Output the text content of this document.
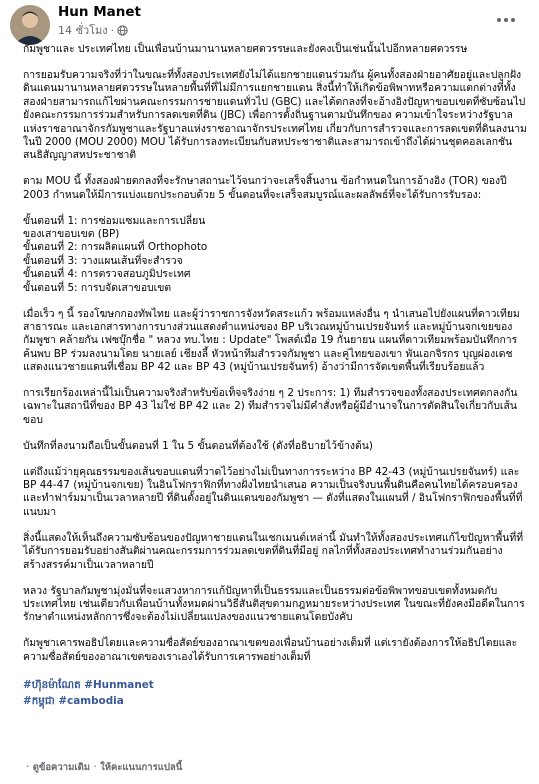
Hun Manet
14 ชั่วโมง ·

กัมพูชาและ ประเทศไทย เป็นเพื่อนบ้านมานานหลายศตวรรษและยังคงเป็นเช่นนั้นไปอีกหลายศตวรรษ

การยอมรับความจริงที่ว่าในขณะที่ทั้งสองประเทศยังไม่ได้แยกชายแดนร่วมกัน ผู้คนทั้งสองฝ่ายอาศัยอยู่และปลูกฝังดินแดนมานานหลายศตวรรษในหลายพื้นที่ที่ไม่มีการแยกชายแดน สิ่งนี้ทำให้เกิดข้อพิพาทหรือความแตกต่างที่ทั้งสองฝ่ายสามารถแก้ไขผ่านคณะกรรมการชายแดนทั่วไป (GBC) และได้ตกลงที่จะอ้างอิงปัญหาขอบเขตที่ซับซ้อนไปยังคณะกรรมการร่วมสำหรับการลดเขตที่ดิน (JBC) เพื่อการตั้งถิ่นฐานตามบันทึกของ ความเข้าใจระหว่างรัฐบาลแห่งราชอาณาจักรกัมพูชาและรัฐบาลแห่งราชอาณาจักรประเทศไทย เกี่ยวกับการสำรวจและการลดเขตที่ดินลงนามในปี 2000 (MOU 2000) MOU ได้รับการลงทะเบียนกับสหประชาชาติและสามารถเข้าถึงได้ผ่านชุดคอลเลกชันสนธิสัญญาสหประชาชาติ

ตาม MOU นี้ ทั้งสองฝ่ายตกลงที่จะรักษาสถานะไว้จนกว่าจะเสร็จสิ้นงาน ข้อกำหนดในการอ้างอิง (TOR) ของปี 2003 กำหนดให้มีการแบ่งแยกประกอบด้วย 5 ขั้นตอนที่จะเสร็จสมบูรณ์และผลลัพธ์ที่จะได้รับการรับรอง:

ขั้นตอนที่ 1: การซ่อมแซมและการเปลี่ยน
ของเสาขอบเขต (BP)
ขั้นตอนที่ 2: การผลิตแผนที่ Orthophoto
ขั้นตอนที่ 3: วางแผนเส้นที่จะสำรวจ
ขั้นตอนที่ 4: การตรวจสอบภูมิประเทศ
ขั้นตอนที่ 5: การบจัดเสาขอบเขต

เมื่อเร็ว ๆ นี้ รองโฆษกกองทัพไทย และผู้ว่าราชการจังหวัดสระแก้ว พร้อมแหล่งอื่น ๆ นำเสนอไปยังแผนที่ดาวเทียมสาธารณะ และเอกสารทางการบางส่วนแสดงตำแหน่งของ BP บริเวณหมู่บ้านเปรยจันทร์ และหมู่บ้านจกเขยของกัมพูชา คล้ายกัน เฟซบุ๊กชื่อ " หลวง ทบ.ไทย : Update" โพสต์เมื่อ 19 กันยายน แผนที่ดาวเทียมพร้อมบันทึกการค้นพบ BP ร่วมลงนามโดย นายเลย์ เชียงลี้ หัวหน้าทีมสำรวจกัมพูชา และคู่ไทยของเขา พันเอกจิรกร บุญผ่องเดช แสดงแนวชายแดนที่เชื่อม BP 42 และ BP 43 (หมู่บ้านเปรยจันทร์) อ้างว่ามีการจัดเขตพื้นที่เรียบร้อยแล้ว

การเรียกร้องเหล่านี้ไม่เป็นความจริงสำหรับข้อเท็จจริงง่าย ๆ 2 ประการ: 1) ทีมสำรวจของทั้งสองประเทศตกลงกันเฉพาะในสถานีที่ของ BP 43 ไม่ใช่ BP 42 และ 2) ทีมสำรวจไม่มีคำสั่งหรือผู้มีอำนาจในการตัดสินใจเกี่ยวกับเส้นขอบ

บันทึกที่ลงนามถือเป็นขั้นตอนที่ 1 ใน 5 ขั้นตอนที่ต้องใช้ (ดังที่อธิบายไว้ข้างต้น)

แต่ถึงแม้ว่ายุคุณธรรมของเส้นขอบแดนที่วาดไว้อย่างไม่เป็นทางการระหว่าง BP 42-43 (หมู่บ้านเปรยจันทร์) และ BP 44-47 (หมู่บ้านจกเขย) ในอินโฟกราฟิกที่ทางฝั่งไทยนำเสนอ ความเป็นจริงบนพื้นดินคือคนไทยได้ครอบครองและทำฟาร์มมาเป็นเวลาหลายปี ที่ดินตั้งอยู่ในดินแดนของกัมพูชา — ดังที่แสดงในแผนที่ / อินโฟกราฟิกของพื้นที่ที่แนบมา

สิ่งนี้แสดงให้เห็นถึงความซับซ้อนของปัญหาชายแดนในเชกเมนต์เหล่านี้ มันทำให้ทั้งสองประเทศแก้ไขปัญหาพื้นที่ที่ได้รับการยอมรับอย่างสันติผ่านคณะกรรมการร่วมลดเขตที่ดินที่มีอยู่ กลไกที่ทั้งสองประเทศทำงานร่วมกันอย่างสร้างสรรค์มาเป็นเวลาหลายปี

หลวง รัฐบาลกัมพูชามุ่งมั่นที่จะแสวงหาการแก้ปัญหาที่เป็นธรรมและเป็นธรรมต่อข้อพิพาทขอบเขตทั้งหมดกับ ประเทศไทย เช่นเดียวกับเพื่อนบ้านทั้งหมดผ่านวิธีสันติสุขตามกฎหมายระหว่างประเทศ ในขณะที่ยังคงมีอดีตในการรักษาตำแหน่งหลักการซึ่งจะต้องไม่เปลี่ยนแปลงของแนวชายแดนโดยบังคับ

กัมพูชาเคารพอธิปไตยและความซื่อสัตย์ของอาณาเขตของเพื่อนบ้านอย่างเต็มที่ แต่เรายังต้องการให้อธิปไตยและความซื่อสัตย์ของอาณาเขตของเราเองได้รับการเคารพอย่างเต็มที่

#ហ៊ុនម៉ាណែត #Hunmanet
#កម្ពុជា #cambodia
· ดูข้อความเดิม · ให้คะแนนการแปลนี้
